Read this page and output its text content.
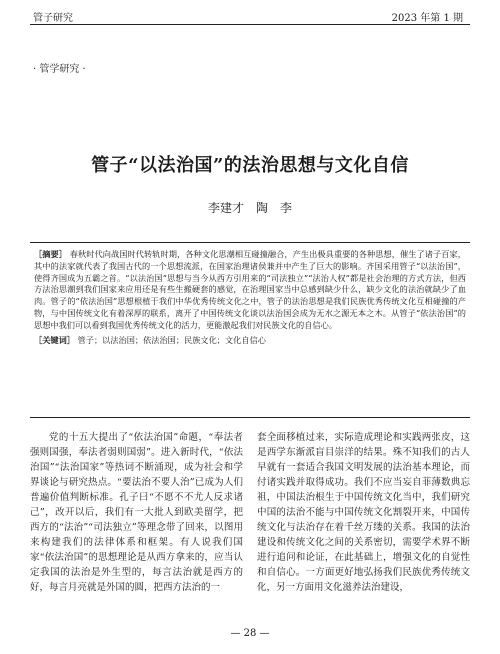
管子研究	2023 年第 1 期
· 管学研究 ·
管子“以法治国”的法治思想与文化自信
李建才　陶　李
［摘要］ 春秋时代向战国时代转轨时期，各种文化思潮相互碰撞融合，产生出极具重要的各种思想，催生了诸子百家，其中的法家就代表了我国古代的一个思想流派，在国家治理诸侯兼并中产生了巨大的影响。齐国采用管子“以法治国”，使得齐国成为五霸之首。“以法治国”思想与当今从西方引用来的“司法独立”“法治人权”都是社会治理的方式方法，但西方法治思潮到我们国家来应用还是有些生搬硬套的感觉，在治理国家当中总感到缺少什么，缺少文化的法治就缺少了血肉。管子的“依法治国”思想根植于我们中华优秀传统文化之中，管子的法治思想是我们民族优秀传统文化互相碰撞的产物，与中国传统文化有着深厚的联系，离开了中国传统文化谈以法治国会成为无水之源无本之木。从管子“依法治国”的思想中我们可以看到我国优秀传统文化的活力，更能激起我们对民族文化的自信心。
［关键词］ 管子；以法治国；依法治国；民族文化；文化自信心

党的十五大提出了“依法治国”命题，“奉法者强则国强，奉法者弱则国弱”。进入新时代，“依法治国”“法治国家”等热词不断涌现，成为社会和学界谈论与研究热点。“要法治不要人治”已成为人们普遍价值判断标准。孔子曰“不愿不不尤人反求诸己”，改开以后，我们有一大批人到欧美留学，把西方的“法治”“司法独立”等理念带了回来，以图用来构建我们的法律体系和框架。有人说我们国家“依法治国”的思想理论是从西方拿来的，应当认定我国的法治是外生型的，每言法治就是西方的好，每言月亮就是外国的圆，把西方法治的一

套全面移植过来，实际造成理论和实践两张皮，这是西学东渐派盲目崇洋的结果。殊不知我们的古人早就有一套适合我国文明发展的法治基本理论，而付诸实践并取得成功。我们不应当妄自菲薄数典忘祖，中国法治根生于中国传统文化当中，我们研究中国的法治不能与中国传统文化割裂开来，中国传统文化与法治存在着千丝万缕的关系。我国的法治建设和传统文化之间的关系密切，需要学术界不断进行追问和论证，在此基础上，增强文化的自觉性和自信心。一方面更好地弘扬我们民族优秀传统文化，另一方面用文化滋养法治建设，

— 28 —
